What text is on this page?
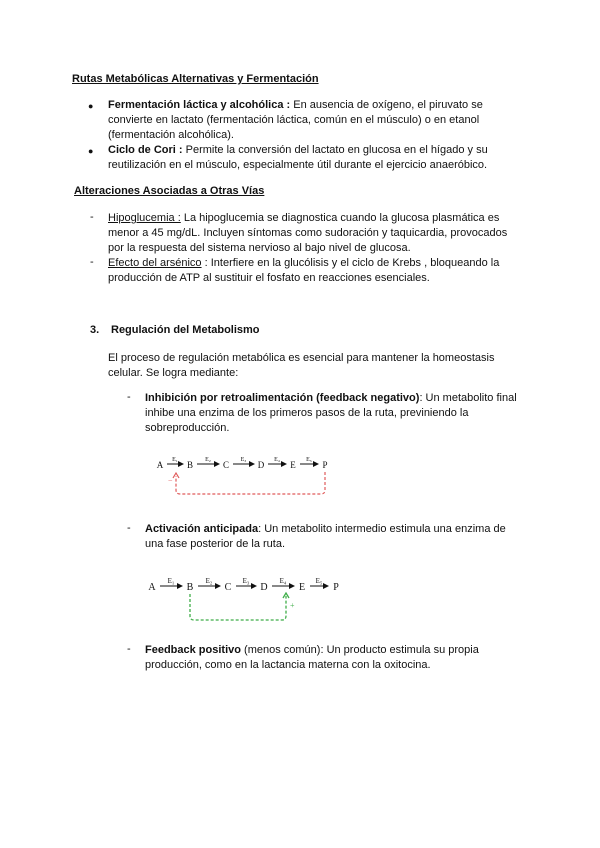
Rutas Metabólicas Alternativas y Fermentación
● Fermentación láctica y alcohólica : En ausencia de oxígeno, el piruvato se
convierte en lactato (fermentación láctica, común en el músculo) o en etanol
(fermentación alcohólica).
● Ciclo de Cori : Permite la conversión del lactato en glucosa en el hígado y su
reutilización en el músculo, especialmente útil durante el ejercicio anaeróbico.
Alteraciones Asociadas a Otras Vías
- Hipoglucemia : La hipoglucemia se diagnostica cuando la glucosa plasmática es
menor a 45 mg/dL. Incluyen síntomas como sudoración y taquicardia, provocados
por la respuesta del sistema nervioso al bajo nivel de glucosa.
- Efecto del arsénico : Interfiere en la glucólisis y el ciclo de Krebs , bloqueando la
producción de ATP al sustituir el fosfato en reacciones esenciales.
3. Regulación del Metabolismo
El proceso de regulación metabólica es esencial para mantener la homeostasis
celular. Se logra mediante:
- Inhibición por retroalimentación (feedback negativo): Un metabolito final
inhibe una enzima de los primeros pasos de la ruta, previniendo la
sobreproducción.
A	B	C	D	E	P
E₁	E₂	E₃	E₄	E₅
−
- Activación anticipada: Un metabolito intermedio estimula una enzima de
una fase posterior de la ruta.
A	B	C	D	E	P
E₁	E₂	E₃	E₄	E₅
+
- Feedback positivo (menos común): Un producto estimula su propia
producción, como en la lactancia materna con la oxitocina.
